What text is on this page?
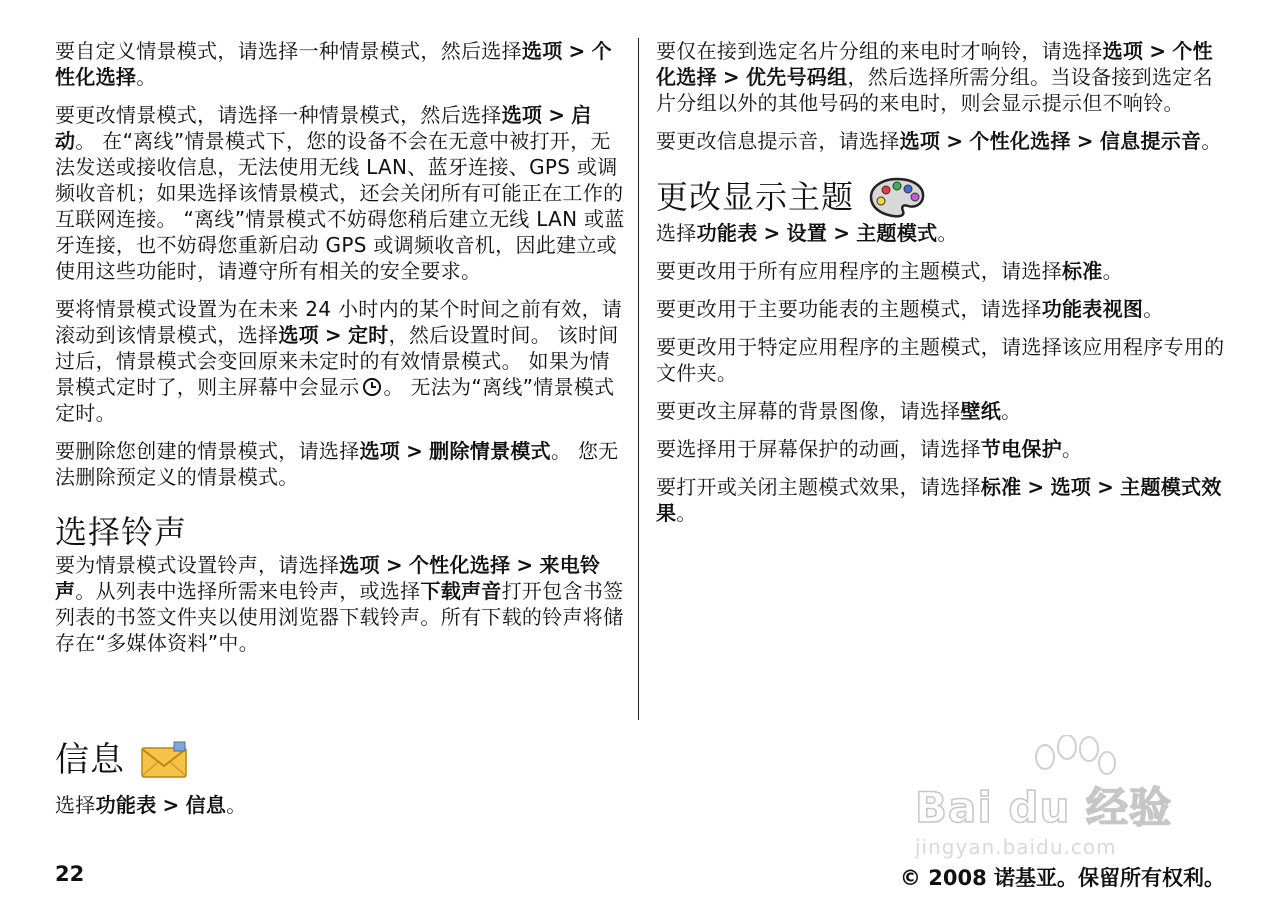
要自定义情景模式，请选择一种情景模式，然后选择选项 > 个性化选择。

要更改情景模式，请选择一种情景模式，然后选择选项 > 启动。 在“离线”情景模式下，您的设备不会在无意中被打开，无法发送或接收信息，无法使用无线 LAN、蓝牙连接、GPS 或调频收音机；如果选择该情景模式，还会关闭所有可能正在工作的互联网连接。 “离线”情景模式不妨碍您稍后建立无线 LAN 或蓝牙连接，也不妨碍您重新启动 GPS 或调频收音机，因此建立或使用这些功能时，请遵守所有相关的安全要求。

要将情景模式设置为在未来 24 小时内的某个时间之前有效，请滚动到该情景模式，选择选项 > 定时，然后设置时间。 该时间过后，情景模式会变回原来未定时的有效情景模式。 如果为情景模式定时了，则主屏幕中会显示 。 无法为“离线”情景模式定时。

要删除您创建的情景模式，请选择选项 > 删除情景模式。 您无法删除预定义的情景模式。

选择铃声

要为情景模式设置铃声，请选择选项 > 个性化选择 > 来电铃声。从列表中选择所需来电铃声，或选择下载声音打开包含书签列表的书签文件夹以使用浏览器下载铃声。所有下载的铃声将储存在“多媒体资料”中。

要仅在接到选定名片分组的来电时才响铃，请选择选项 > 个性化选择 > 优先号码组，然后选择所需分组。当设备接到选定名片分组以外的其他号码的来电时，则会显示提示但不响铃。

要更改信息提示音，请选择选项 > 个性化选择 > 信息提示音。

更改显示主题

选择功能表 > 设置 > 主题模式。

要更改用于所有应用程序的主题模式，请选择标准。

要更改用于主要功能表的主题模式，请选择功能表视图。

要更改用于特定应用程序的主题模式，请选择该应用程序专用的文件夹。

要更改主屏幕的背景图像，请选择壁纸。

要选择用于屏幕保护的动画，请选择节电保护。

要打开或关闭主题模式效果，请选择标准 > 选项 > 主题模式效果。

信息

选择功能表 > 信息。	Bai du 经验
jingyan.baidu.com
22	© 2008 诺基亚。保留所有权利。
